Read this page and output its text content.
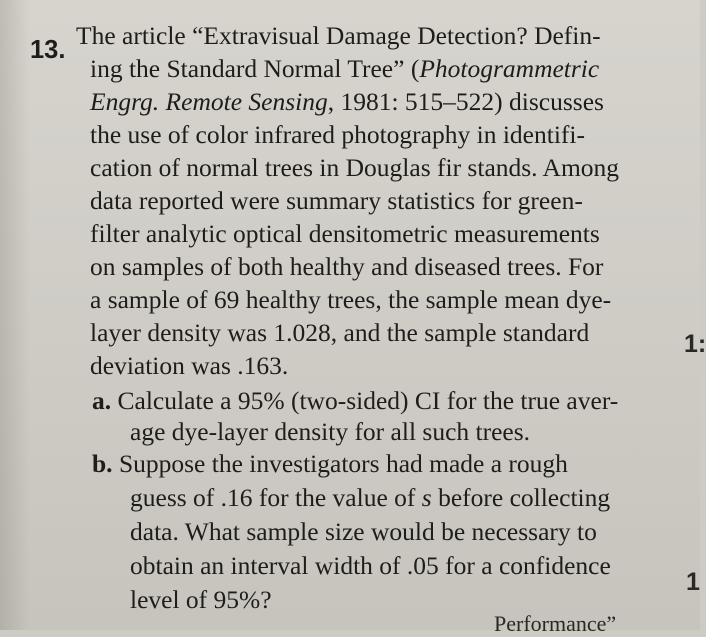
13. The article “Extravisual Damage Detection? Defin-
ing the Standard Normal Tree” (Photogrammetric
Engrg. Remote Sensing, 1981: 515–522) discusses
the use of color infrared photography in identifi-
cation of normal trees in Douglas fir stands. Among
data reported were summary statistics for green-
filter analytic optical densitometric measurements
on samples of both healthy and diseased trees. For
a sample of 69 healthy trees, the sample mean dye-
layer density was 1.028, and the sample standard
deviation was .163.
a. Calculate a 95% (two-sided) CI for the true aver-
age dye-layer density for all such trees.
b. Suppose the investigators had made a rough
guess of .16 for the value of s before collecting
data. What sample size would be necessary to
obtain an interval width of .05 for a confidence
level of 95%?
1:
1
Performance”
